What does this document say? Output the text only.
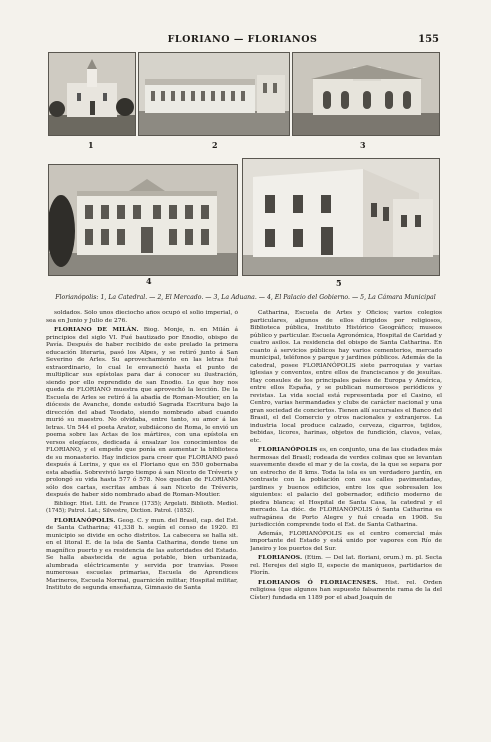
FLORIANO — FLORIANOS	155
1	2	3
4	5
Florianópolis: 1, La Catedral. — 2, El Mercado. — 3, La Aduana. — 4, El Palacio del Gobierno. — 5, La Cámara Municipal

soldados. Sólo unos dieciocho años ocupó el solio imperial, ó sea en Junio y Julio de 276.

FLORIANO DE MILÁN. Biog. Monje, n. en Milán á principios del siglo VI. Fué bautizado por Enodio, obispo de Pavía. Después de haber recibido de este prelado la primera educación literaria, pasó los Alpes, y se retiró junto á San Severino de Arles. Su aprovechamiento en las letras fué extraordinario, lo cual le envaneció hasta el punto de multiplicar sus epístolas para dar á conocer su ilustración, siendo por ello reprendido de san Enodio. Lo que hoy nos queda de FLORIANO muestra que aprovechó la lección. De la Escuela de Arles se retiró á la abadía de Roman-Moutier, en la diócesis de Avanche, donde estudió Sagrada Escritura bajo la dirección del abad Teodato, siendo nombrado abad cuando murió su maestro. No olvidaba, entre tanto, su amor á las letras. Un 544 el poeta Arator, subdiácono de Roma, le envió un poema sobre las Actas de los mártires, con una epístola en versos elegíacos, dedicada á ensalzar los conocimientos de FLORIANO, y el empeño que ponía en aumentar la biblioteca de su monasterio. Hay indicios para creer que FLORIANO pasó después á Lerins, y que es el Floriano que en 550 gobernaba esta abadía. Sobrevivió largo tiempo á san Niceto de Tréveris y prolongó su vida hasta 577 ó 578. Nos quedan de FLORIANO sólo dos cartas, escritas ambas á san Niceto de Tréveris, después de haber sido nombrado abad de Roman-Moutier.

Bibliogr. Hist. Litt. de France (1735); Argelati. Biblioth. Mediol. (1745); Patrol. Lat.; Silvestre, Diction. Patrol. (1852).

FLORIANÓPOLIS. Geog. C. y mun. del Brasil, cap. del Est. de Santa Catharina; 41,338 h. según el censo de 1920. El municipio se divide en ocho distritos. La cabecera se halla sit. en el litoral E. de la isla de Santa Catharina, donde tiene un magnífico puerto y es residencia de las autoridades del Estado. Se halla abastecida de agua potable, bien urbanizada, alumbrada eléctricamente y servida por tranvías. Posee numerosas escuelas primarias, Escuela de Aprendices Marineros, Escuela Normal, guarnición militar, Hospital militar, Instituto de segunda enseñanza, Gimnasio de Santa

Catharina, Escuela de Artes y Oficios; varios colegios particulares, algunos de ellos dirigidos por religiosos, Biblioteca pública, Instituto Histórico Geográfico; museos público y particular. Escuela Agronómica, Hospital de Caridad y cuatro asilos. La residencia del obispo de Santa Catharina. En cuanto á servicios públicos hay varios cementerios, mercado municipal, teléfonos y parque y jardines públicos. Además de la catedral, posee FLORIANÓPOLIS siete parroquias y varias iglesias y conventos, entre ellos de franciscanos y de jesuítas. Hay consules de los principales países de Europa y América, entre ellos España, y se publican numerosos periódicos y revistas. La vida social está representada por el Casino, el Centro, varias hermandades y clubs de carácter nacional y una gran sociedad de conciertos. Tienen allí sucursales el Banco del Brasil, el del Comercio y otros nacionales y extranjeros. La industria local produce calzado, cerveza, cigarros, tejidos, bebidas, licores, harinas, objetos de fundición, clavos, velas, etc.

FLORIANÓPOLIS es, en conjunto, una de las ciudades más hermosas del Brasil; rodeada de verdes colinas que se levantan suavemente desde el mar y de la costa, de la que se separa por un estrecho de 8 kms. Toda la isla es un verdadero jardín, en contraste con la población con sus calles pavimentadas, jardines y buenos edificios, entre los que sobresalen los siguientes: el palacio del gobernador, edificio moderno de piedra blanca; el Hospital de Santa Casa, la catedral y el mercado. La dióc. de FLORIANÓPOLIS ó Santa Catharina es sufragánea de Porto Alegre y fué creada en 1908. Su jurisdicción comprende todo el Est. de Santa Catharina.

Además, FLORIANÓPOLIS es el centro comercial más importante del Estado y está unido por vapores con Río de Janeiro y los puertos del Sur.

FLORIANOS. (Etim. — Del lat. floriani, orum.) m. pl. Secta rel. Herejes del siglo II, especie de maniqueos, partidarios de Florín.

FLORIANOS Ó FLORIACENSES. Hist. rel. Orden religiosa (que algunos han supuesto falsamente rama de la del Císter) fundada en 1189 por el abad Joaquín de
